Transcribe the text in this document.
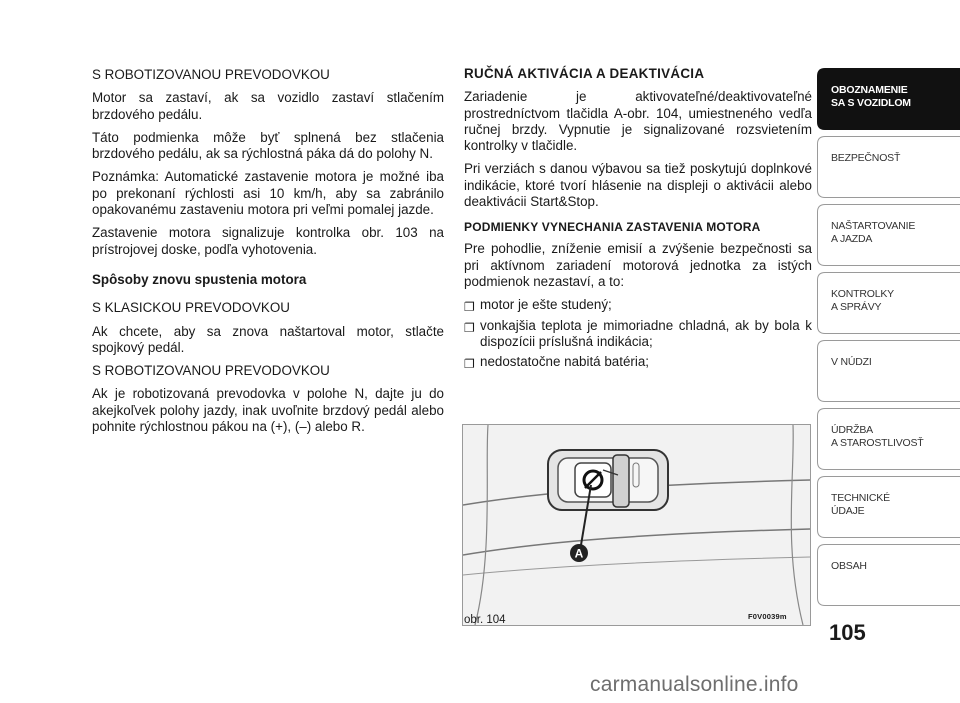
S ROBOTIZOVANOU PREVODOVKOU

Motor sa zastaví, ak sa vozidlo zastaví stlačením brzdového pedálu.

Táto podmienka môže byť splnená bez stlačenia brzdového pedálu, ak sa rýchlostná páka dá do polohy N.

Poznámka: Automatické zastavenie motora je možné iba po prekonaní rýchlosti asi 10 km/h, aby sa zabránilo opakovanému zastaveniu motora pri veľmi pomalej jazde.

Zastavenie motora signalizuje kontrolka obr. 103 na prístrojovej doske, podľa vyhotovenia.

Spôsoby znovu spustenia motora

S KLASICKOU PREVODOVKOU

Ak chcete, aby sa znova naštartoval motor, stlačte spojkový pedál.

S ROBOTIZOVANOU PREVODOVKOU

Ak je robotizovaná prevodovka v polohe N, dajte ju do akejkoľvek polohy jazdy, inak uvoľnite brzdový pedál alebo pohnite rýchlostnou pákou na (+), (–) alebo R.

RUČNÁ AKTIVÁCIA A DEAKTIVÁCIA

Zariadenie je aktivovateľné/deaktivovateľné prostredníctvom tlačidla A-obr. 104, umiestneného vedľa ručnej brzdy. Vypnutie je signalizované rozsvietením kontrolky v tlačidle.

Pri verziách s danou výbavou sa tiež poskytujú doplnkové indikácie, ktoré tvorí hlásenie na displeji o aktivácii alebo deaktivácii Start&Stop.

PODMIENKY VYNECHANIA ZASTAVENIA MOTORA

Pre pohodlie, zníženie emisií a zvýšenie bezpečnosti sa pri aktívnom zariadení motorová jednotka za istých podmienok nezastaví, a to:

❐ motor je ešte studený;
❐ vonkajšia teplota je mimoriadne chladná, ak by bola k dispozícii príslušná indikácia;
❐ nedostatočne nabitá batéria;
A
obr. 104	F0V0039m
OBOZNAMENIE
SA S VOZIDLOM
BEZPEČNOSŤ
NAŠTARTOVANIE
A JAZDA
KONTROLKY
A SPRÁVY
V NÚDZI
ÚDRŽBA
A STAROSTLIVOSŤ
TECHNICKÉ
ÚDAJE
OBSAH
105
carmanualsonline.info
